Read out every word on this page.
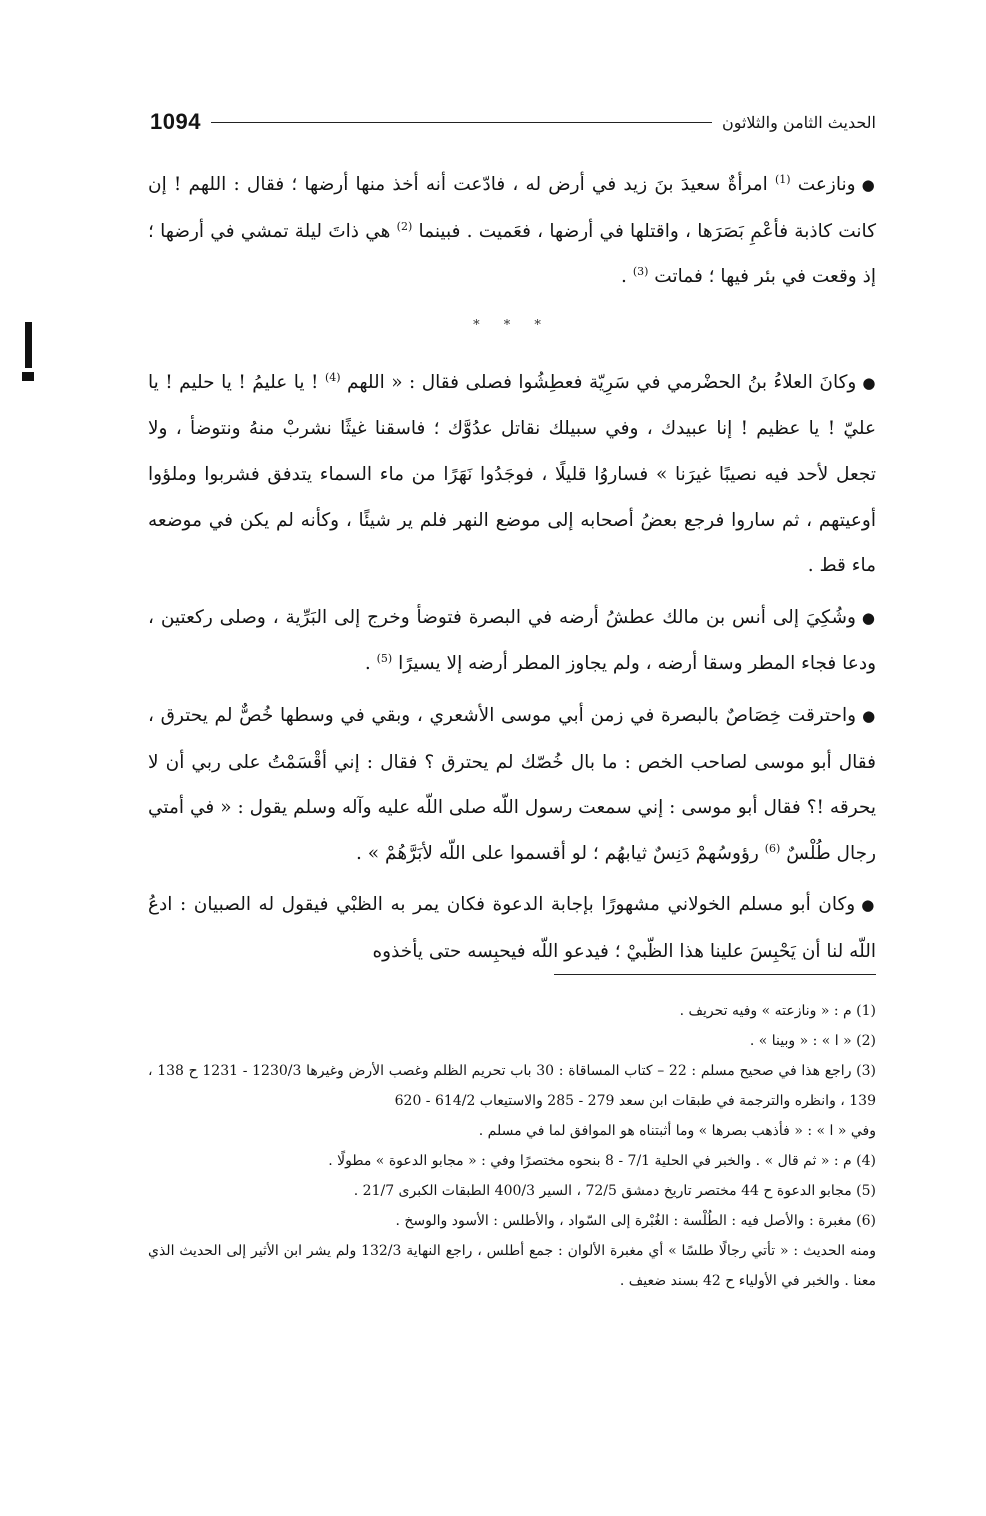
1094	الحديث الثامن والثلاثون

●ونازعت $^{(1)}$ امرأةٌ سعيدَ بنَ زيد في أرض له ، فادّعت أنه أخذ منها أرضها ؛ فقال : اللهم ! إن كانت كاذبة فأعْمِ بَصَرَها ، واقتلها في أرضها ، فعَميت . فبينما $^{(2)}$ هي ذاتَ ليلة تمشي في أرضها ؛ إذ وقعت في بئر فيها ؛ فماتت $^{(3)}$ .

* * *

●وكانَ العلاءُ بنُ الحضْرمي في سَرِيّة فعطِشُوا فصلى فقال : « اللهم $^{(4)}$ ! يا عليمُ ! يا حليم ! يا عليّ ! يا عظيم ! إنا عبيدك ، وفي سبيلك نقاتل عدُوَّك ؛ فاسقنا غيثًا نشربْ منهُ ونتوضأ ، ولا تجعل لأحد فيه نصيبًا غيرَنا » فساروُا قليلًا ، فوجَدُوا نَهَرًا من ماء السماء يتدفق فشربوا وملؤوا أوعيتهم ، ثم ساروا فرجع بعضُ أصحابه إلى موضع النهر فلم ير شيئًا ، وكأنه لم يكن في موضعه ماء قط .

●وشُكِيَ إلى أنس بن مالك عطشُ أرضه في البصرة فتوضأ وخرج إلى البَرِّية ، وصلى ركعتين ، ودعا فجاء المطر وسقا أرضه ، ولم يجاوز المطر أرضه إلا يسيرًا $^{(5)}$ .

●واحترقت خِصَاصٌ بالبصرة في زمن أبي موسى الأشعري ، وبقي في وسطها خُصٌّ لم يحترق ، فقال أبو موسى لصاحب الخص : ما بال خُصّك لم يحترق ؟ فقال : إني أقْسَمْتُ على ربي أن لا يحرقه !؟ فقال أبو موسى : إني سمعت رسول اللّه صلى اللّه عليه وآله وسلم يقول : « في أمتي رجال طُلْسٌ $^{(6)}$ رؤوسُهمْ دَنِسٌ ثيابهُم ؛ لو أقسموا على اللّه لأبَرَّهُمْ » .

●وكان أبو مسلم الخولاني مشهورًا بإجابة الدعوة فكان يمر به الظبْي فيقول له الصبيان : ادعُ اللّه لنا أن يَحْبِسَ علينا هذا الظّبيْ ؛ فيدعو اللّه فيحبِسه حتى يأخذوه

(1) م : « ونازعته » وفيه تحريف .

(2) « ا » : « وبينا » .

(3) راجع هذا في صحيح مسلم : 22 – كتاب المساقاة : 30 باب تحريم الظلم وغصب الأرض وغيرها 1230/3 - 1231 ح 138 ، 139 ، وانظره والترجمة في طبقات ابن سعد 279 - 285 والاستيعاب 614/2 - 620

وفي « ا » : « فأذهب بصرها » وما أثبتناه هو الموافق لما في مسلم .

(4) م : « ثم قال » . والخبر في الحلية 7/1 - 8 بنحوه مختصرًا وفي : « مجابو الدعوة » مطولًا .

(5) مجابو الدعوة ح 44 مختصر تاريخ دمشق 72/5 ، السير 400/3 الطبقات الكبرى 21/7 .

(6) مغبرة : والأصل فيه : الطُلْسة : الغُبْرة إلى السّواد ، والأطلس : الأسود والوسخ .

ومنه الحديث : « تأتي رجالًا طلسًا » أي مغبرة الألوان : جمع أطلس ، راجع النهاية 132/3 ولم يشر ابن الأثير إلى الحديث الذي معنا . والخبر في الأولياء ح 42 بسند ضعيف .
